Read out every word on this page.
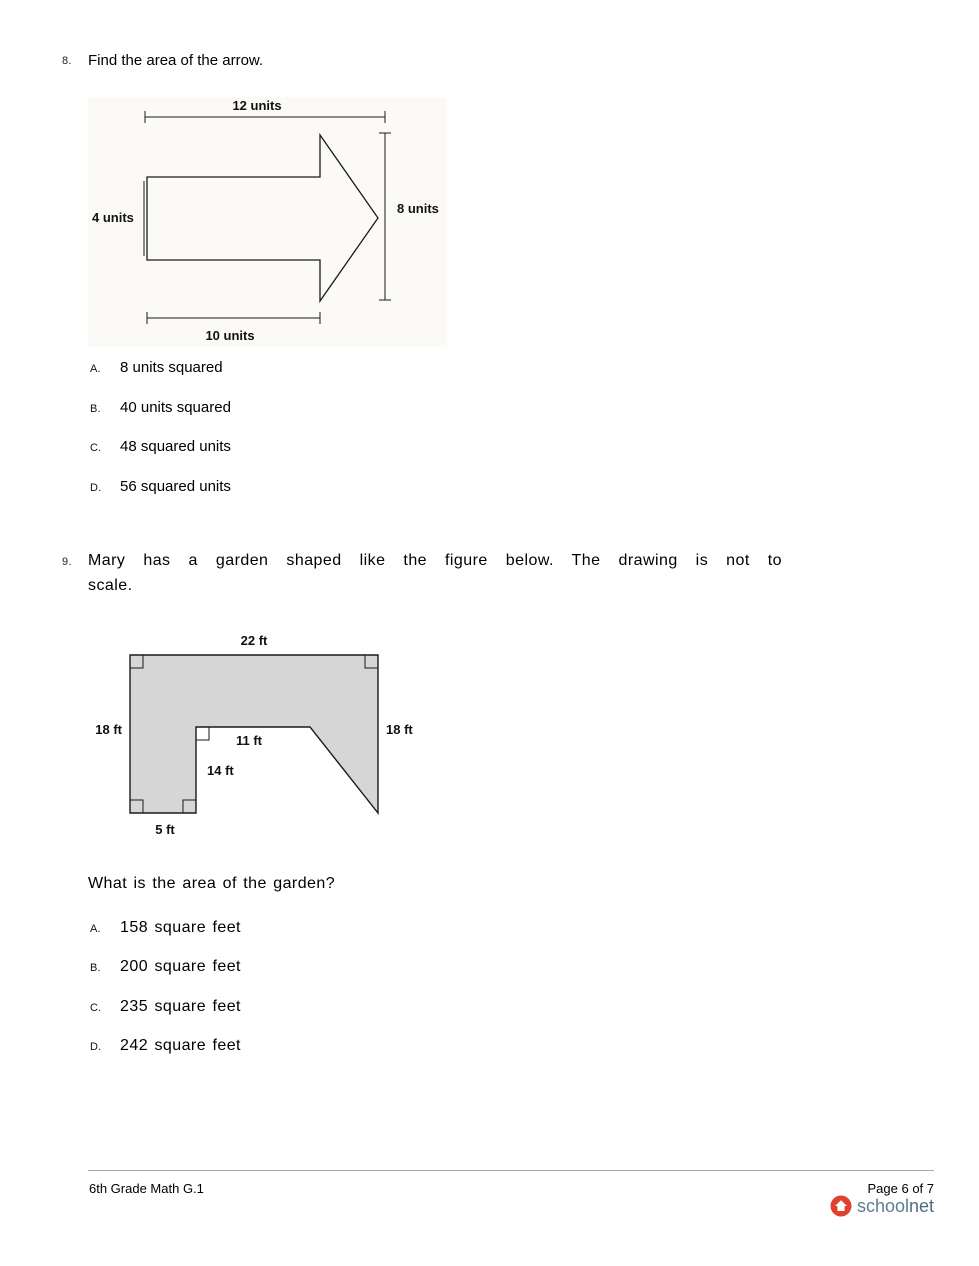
8. Find the area of the arrow.
12 units
4 units
8 units
10 units
A. 8 units squared
B. 40 units squared
C. 48 squared units
D. 56 squared units
9. Mary has a garden shaped like the figure below. The drawing is not to
scale.
22 ft
18 ft	18 ft
11 ft
14 ft
5 ft
What is the area of the garden?
A. 158 square feet
B. 200 square feet
C. 235 square feet
D. 242 square feet
6th Grade Math G.1	Page 6 of 7
schoolnet
